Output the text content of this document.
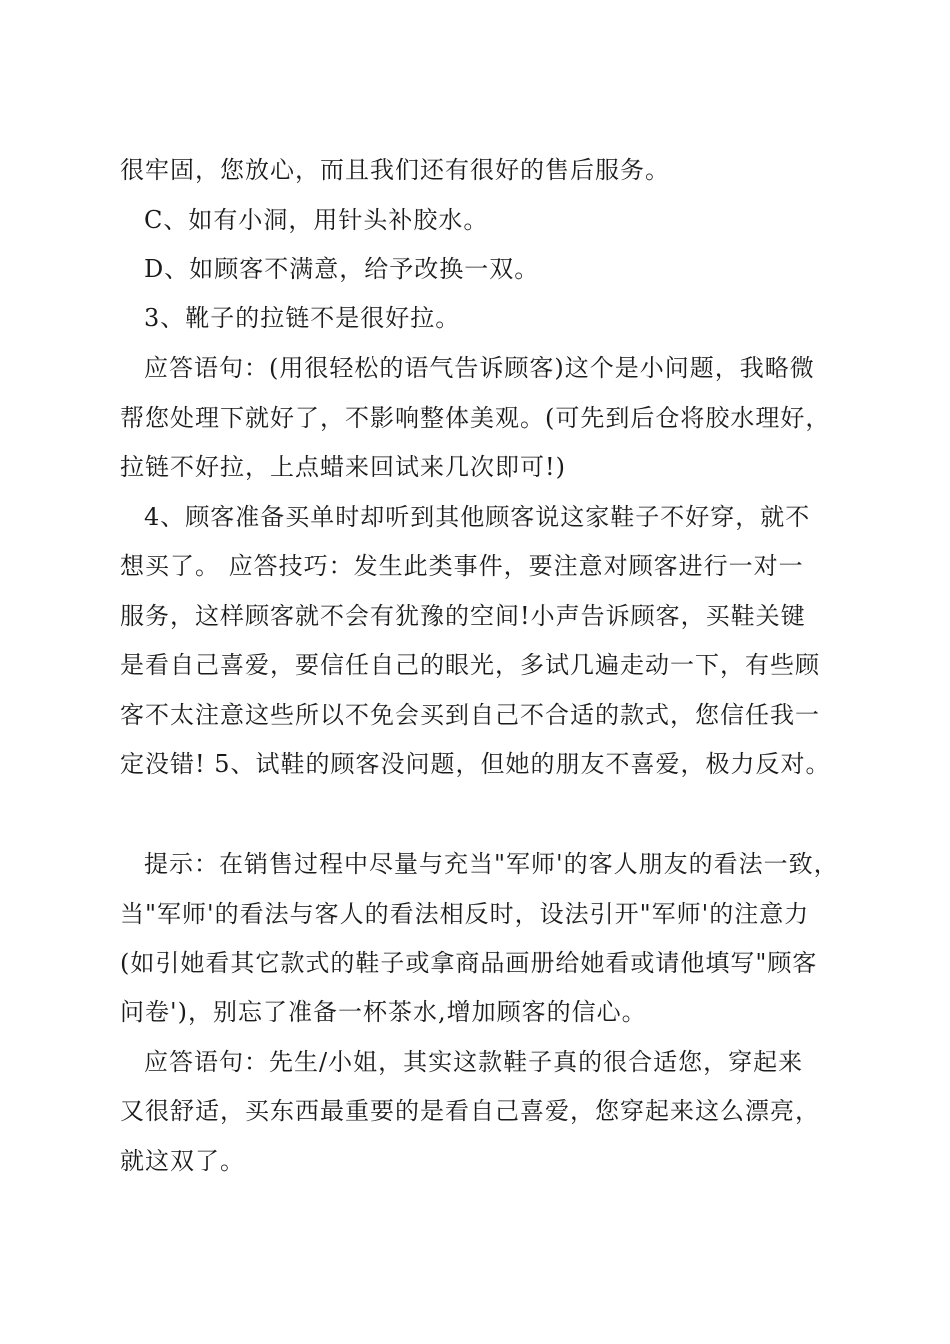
很牢固，您放心，而且我们还有很好的售后服务。
C、如有小洞，用针头补胶水。
D、如顾客不满意，给予改换一双。
3、靴子的拉链不是很好拉。
应答语句：(用很轻松的语气告诉顾客)这个是小问题，我略微
帮您处理下就好了，不影响整体美观。(可先到后仓将胶水理好，
拉链不好拉，上点蜡来回试来几次即可!)
4、顾客准备买单时却听到其他顾客说这家鞋子不好穿，就不
想买了。 应答技巧：发生此类事件，要注意对顾客进行一对一
服务，这样顾客就不会有犹豫的空间!小声告诉顾客，买鞋关键
是看自己喜爱，要信任自己的眼光，多试几遍走动一下，有些顾
客不太注意这些所以不免会买到自己不合适的款式，您信任我一
定没错! 5、试鞋的顾客没问题，但她的朋友不喜爱，极力反对。
提示：在销售过程中尽量与充当"军师'的客人朋友的看法一致，
当"军师'的看法与客人的看法相反时，设法引开"军师'的注意力
(如引她看其它款式的鞋子或拿商品画册给她看或请他填写"顾客
问卷')，别忘了准备一杯茶水,增加顾客的信心。
应答语句：先生/小姐，其实这款鞋子真的很合适您，穿起来
又很舒适，买东西最重要的是看自己喜爱，您穿起来这么漂亮，
就这双了。
